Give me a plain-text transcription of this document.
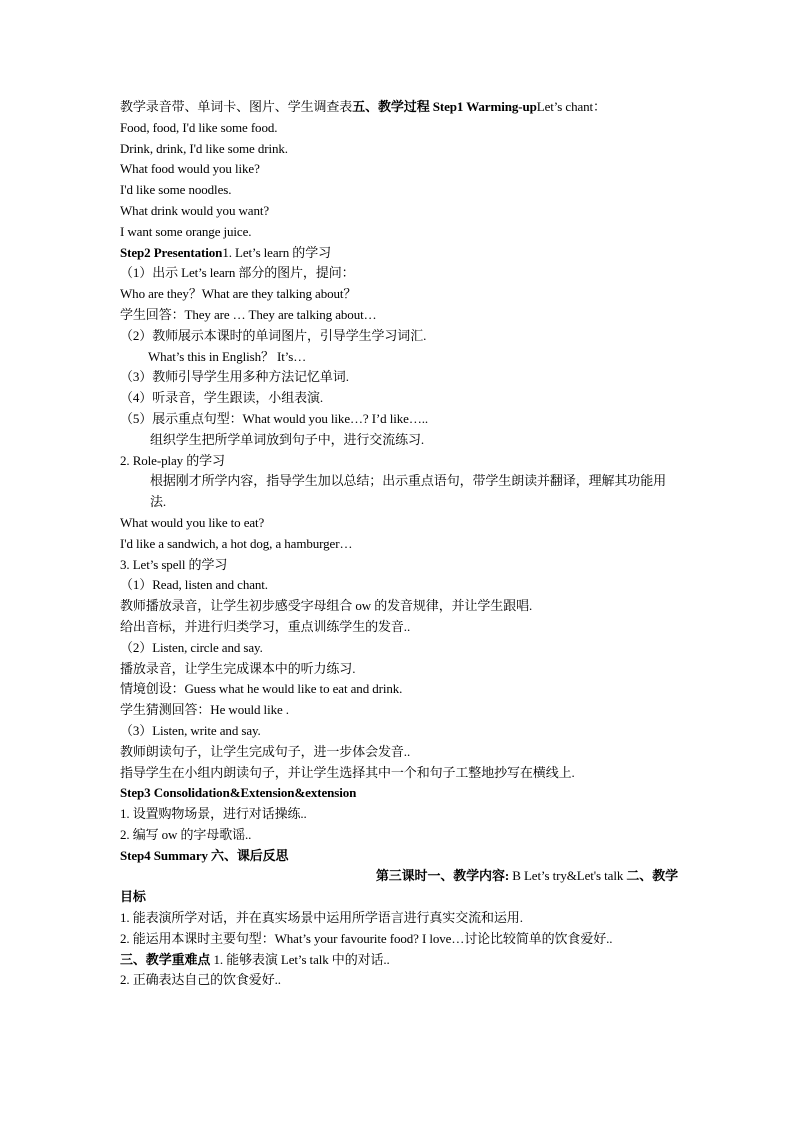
教学录音带、单词卡、图片、学生调查表五、教学过程 Step1 Warming-upLet’s chant：
Food, food, I'd like some food.
Drink, drink, I'd like some drink.
What food would you like?
I'd like some noodles.
What drink would you want?
I want some orange juice.
Step2 Presentation1. Let’s learn 的学习
（1）出示 Let’s learn 部分的图片，提问：
Who are they？What are they talking about？
学生回答：They are … They are talking about…
（2）教师展示本课时的单词图片，引导学生学习词汇.
What’s this in English？ It’s…
（3）教师引导学生用多种方法记忆单词.
（4）听录音，学生跟读，小组表演.
（5）展示重点句型：What would you like…? I’d like…..
组织学生把所学单词放到句子中，进行交流练习.
2. Role-play 的学习
根据刚才所学内容，指导学生加以总结；出示重点语句，带学生朗读并翻译，理解其功能用法.
What would you like to eat?
I'd like a sandwich, a hot dog, a hamburger…
3. Let’s spell 的学习
（1）Read, listen and chant.
教师播放录音，让学生初步感受字母组合 ow 的发音规律，并让学生跟唱.
给出音标，并进行归类学习，重点训练学生的发音..
（2）Listen, circle and say.
播放录音，让学生完成课本中的听力练习.
情境创设：Guess what he would like to eat and drink.
学生猜测回答：He would like .
（3）Listen, write and say.
教师朗读句子，让学生完成句子，进一步体会发音..
指导学生在小组内朗读句子，并让学生选择其中一个和句子工整地抄写在横线上.
Step3 Consolidation&Extension&extension
1. 设置购物场景，进行对话操练..
2. 编写 ow 的字母歌谣..
Step4 Summary 六、课后反思
第三课时一、教学内容: B Let’s try&Let's talk 二、教学
目标
1. 能表演所学对话，并在真实场景中运用所学语言进行真实交流和运用.
2. 能运用本课时主要句型：What’s your favourite food? I love…讨论比较简单的饮食爱好..
三、教学重难点 1. 能够表演 Let’s talk 中的对话..
2. 正确表达自己的饮食爱好..
